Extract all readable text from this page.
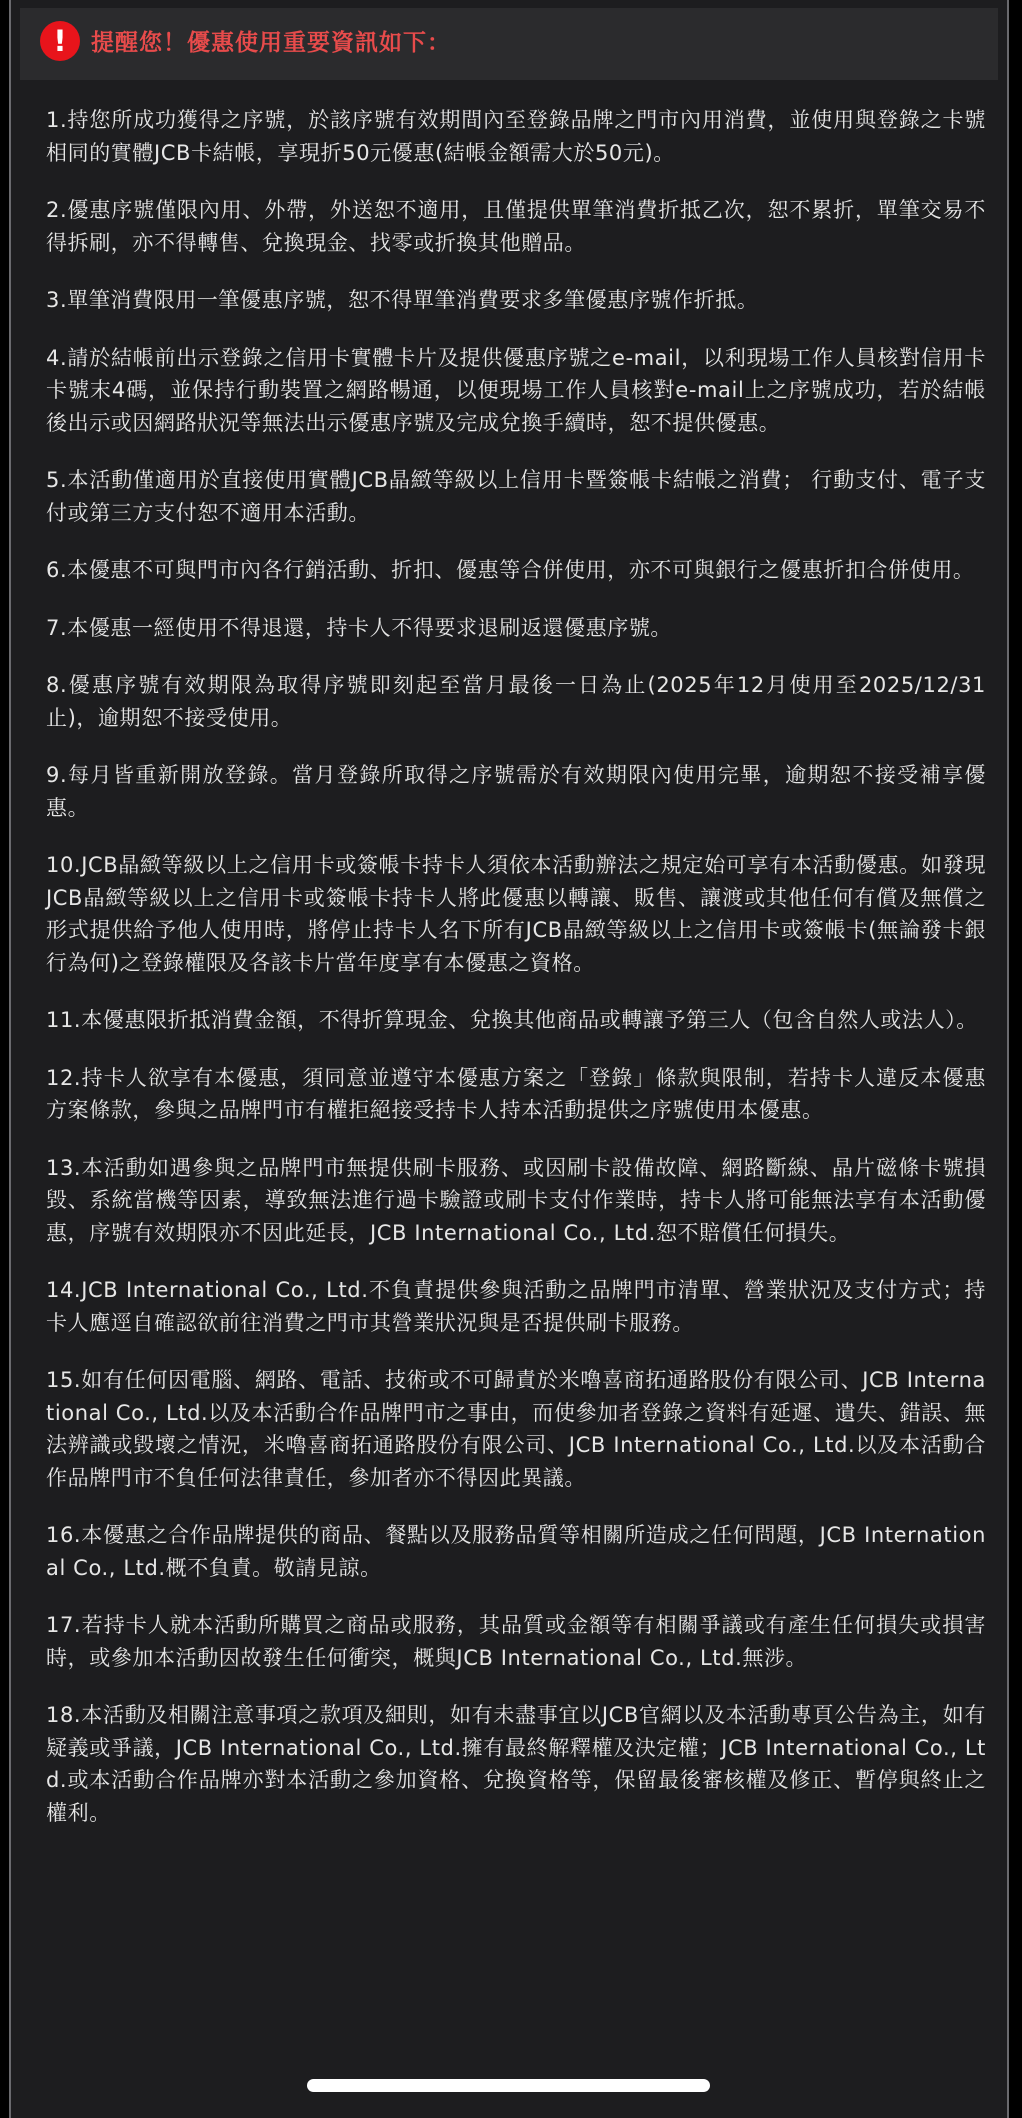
!	提醒您！優惠使用重要資訊如下：
1.持您所成功獲得之序號，於該序號有效期間內至登錄品牌之門市內用消費，並使用與登錄之卡號相同的實體JCB卡結帳，享現折50元優惠(結帳金額需大於50元)。
2.優惠序號僅限內用、外帶，外送恕不適用，且僅提供單筆消費折抵乙次，恕不累折，單筆交易不得拆刷，亦不得轉售、兌換現金、找零或折換其他贈品。
3.單筆消費限用一筆優惠序號，恕不得單筆消費要求多筆優惠序號作折抵。
4.請於結帳前出示登錄之信用卡實體卡片及提供優惠序號之e-mail，以利現場工作人員核對信用卡卡號末4碼，並保持行動裝置之網路暢通，以便現場工作人員核對e-mail上之序號成功，若於結帳後出示或因網路狀況等無法出示優惠序號及完成兌換手續時，恕不提供優惠。
5.本活動僅適用於直接使用實體JCB晶緻等級以上信用卡暨簽帳卡結帳之消費； 行動支付、電子支付或第三方支付恕不適用本活動。
6.本優惠不可與門市內各行銷活動、折扣、優惠等合併使用，亦不可與銀行之優惠折扣合併使用。
7.本優惠一經使用不得退還，持卡人不得要求退刷返還優惠序號。
8.優惠序號有效期限為取得序號即刻起至當月最後一日為止(2025年12月使用至2025/12/31止)，逾期恕不接受使用。
9.每月皆重新開放登錄。當月登錄所取得之序號需於有效期限內使用完畢，逾期恕不接受補享優惠。
10.JCB晶緻等級以上之信用卡或簽帳卡持卡人須依本活動辦法之規定始可享有本活動優惠。如發現JCB晶緻等級以上之信用卡或簽帳卡持卡人將此優惠以轉讓、販售、讓渡或其他任何有償及無償之形式提供給予他人使用時，將停止持卡人名下所有JCB晶緻等級以上之信用卡或簽帳卡(無論發卡銀行為何)之登錄權限及各該卡片當年度享有本優惠之資格。
11.本優惠限折抵消費金額，不得折算現金、兌換其他商品或轉讓予第三人（包含自然人或法人）。
12.持卡人欲享有本優惠，須同意並遵守本優惠方案之「登錄」條款與限制，若持卡人違反本優惠方案條款，參與之品牌門市有權拒絕接受持卡人持本活動提供之序號使用本優惠。
13.本活動如遇參與之品牌門市無提供刷卡服務、或因刷卡設備故障、網路斷線、晶片磁條卡號損毀、系統當機等因素，導致無法進行過卡驗證或刷卡支付作業時，持卡人將可能無法享有本活動優惠，序號有效期限亦不因此延長，JCB International Co., Ltd.恕不賠償任何損失。
14.JCB International Co., Ltd.不負責提供參與活動之品牌門市清單、營業狀況及支付方式；持卡人應逕自確認欲前往消費之門市其營業狀況與是否提供刷卡服務。
15.如有任何因電腦、網路、電話、技術或不可歸責於米嚕喜商拓通路股份有限公司、JCB International Co., Ltd.以及本活動合作品牌門市之事由，而使參加者登錄之資料有延遲、遺失、錯誤、無法辨識或毀壞之情況，米嚕喜商拓通路股份有限公司、JCB International Co., Ltd.以及本活動合作品牌門市不負任何法律責任，參加者亦不得因此異議。
16.本優惠之合作品牌提供的商品、餐點以及服務品質等相關所造成之任何問題，JCB International Co., Ltd.概不負責。敬請見諒。
17.若持卡人就本活動所購買之商品或服務，其品質或金額等有相關爭議或有產生任何損失或損害時，或參加本活動因故發生任何衝突，概與JCB International Co., Ltd.無涉。
18.本活動及相關注意事項之款項及細則，如有未盡事宜以JCB官網以及本活動專頁公告為主，如有疑義或爭議，JCB International Co., Ltd.擁有最終解釋權及決定權；JCB International Co., Ltd.或本活動合作品牌亦對本活動之參加資格、兌換資格等，保留最後審核權及修正、暫停與終止之權利。
